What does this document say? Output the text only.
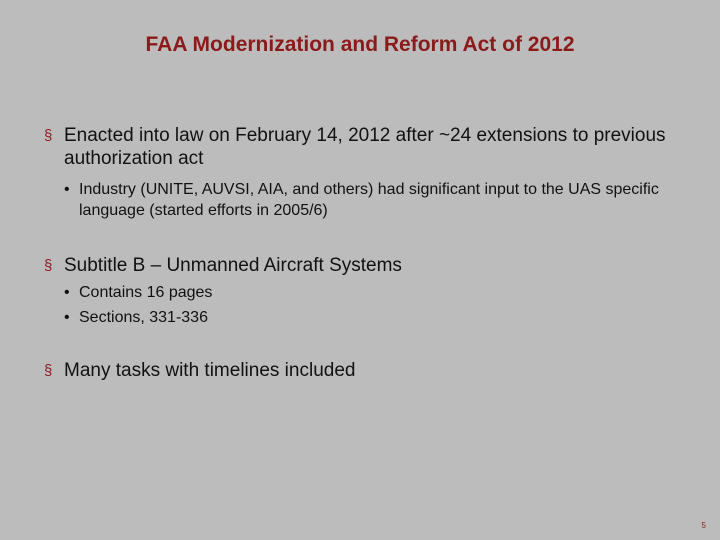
FAA Modernization and Reform Act of 2012
§ Enacted into law on February 14, 2012 after ~24 extensions to previous authorization act
• Industry (UNITE, AUVSI, AIA, and others) had significant input to the UAS specific language (started efforts in 2005/6)
§ Subtitle B – Unmanned Aircraft Systems
• Contains 16 pages
• Sections, 331-336
§ Many tasks with timelines included
5
